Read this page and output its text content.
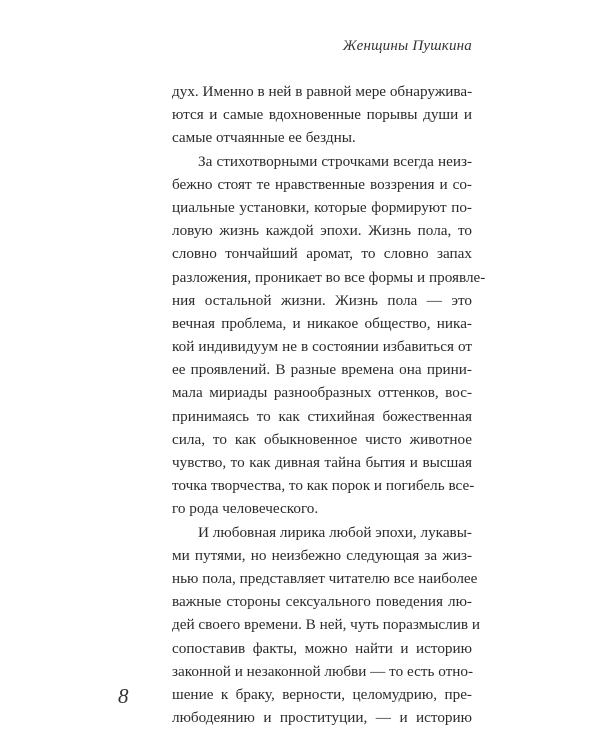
Женщины Пушкина
дух. Именно в ней в равной мере обнаружива-
ются и самые вдохновенные порывы души и
самые отчаянные ее бездны.
За стихотворными строчками всегда неиз-
бежно стоят те нравственные воззрения и со-
циальные установки, которые формируют по-
ловую жизнь каждой эпохи. Жизнь пола, то
словно тончайший аромат, то словно запах
разложения, проникает во все формы и проявле-
ния остальной жизни. Жизнь пола — это
вечная проблема, и никакое общество, ника-
кой индивидуум не в состоянии избавиться от
ее проявлений. В разные времена она прини-
мала мириады разнообразных оттенков, вос-
принимаясь то как стихийная божественная
сила, то как обыкновенное чисто животное
чувство, то как дивная тайна бытия и высшая
точка творчества, то как порок и погибель все-
го рода человеческого.
И любовная лирика любой эпохи, лукавы-
ми путями, но неизбежно следующая за жиз-
нью пола, представляет читателю все наиболее
важные стороны сексуального поведения лю-
дей своего времени. В ней, чуть поразмыслив и
сопоставив факты, можно найти и историю
законной и незаконной любви — то есть отно-
шение к браку, верности, целомудрию, пре-
любодеянию и проституции, — и историю
8
